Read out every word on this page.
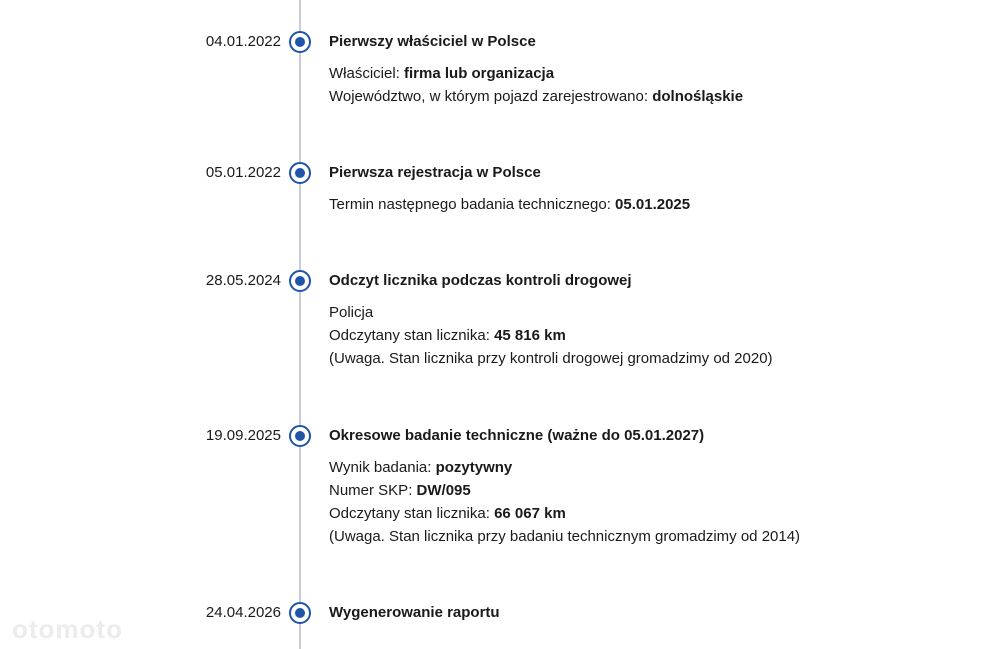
04.01.2022	Pierwszy właściciel w Polsce
Właściciel: firma lub organizacja
Województwo, w którym pojazd zarejestrowano: dolnośląskie
05.01.2022	Pierwsza rejestracja w Polsce
Termin następnego badania technicznego: 05.01.2025
28.05.2024	Odczyt licznika podczas kontroli drogowej
Policja
Odczytany stan licznika: 45 816 km
(Uwaga. Stan licznika przy kontroli drogowej gromadzimy od 2020)
19.09.2025	Okresowe badanie techniczne (ważne do 05.01.2027)
Wynik badania: pozytywny
Numer SKP: DW/095
Odczytany stan licznika: 66 067 km
(Uwaga. Stan licznika przy badaniu technicznym gromadzimy od 2014)
24.04.2026	Wygenerowanie raportu
otomoto
